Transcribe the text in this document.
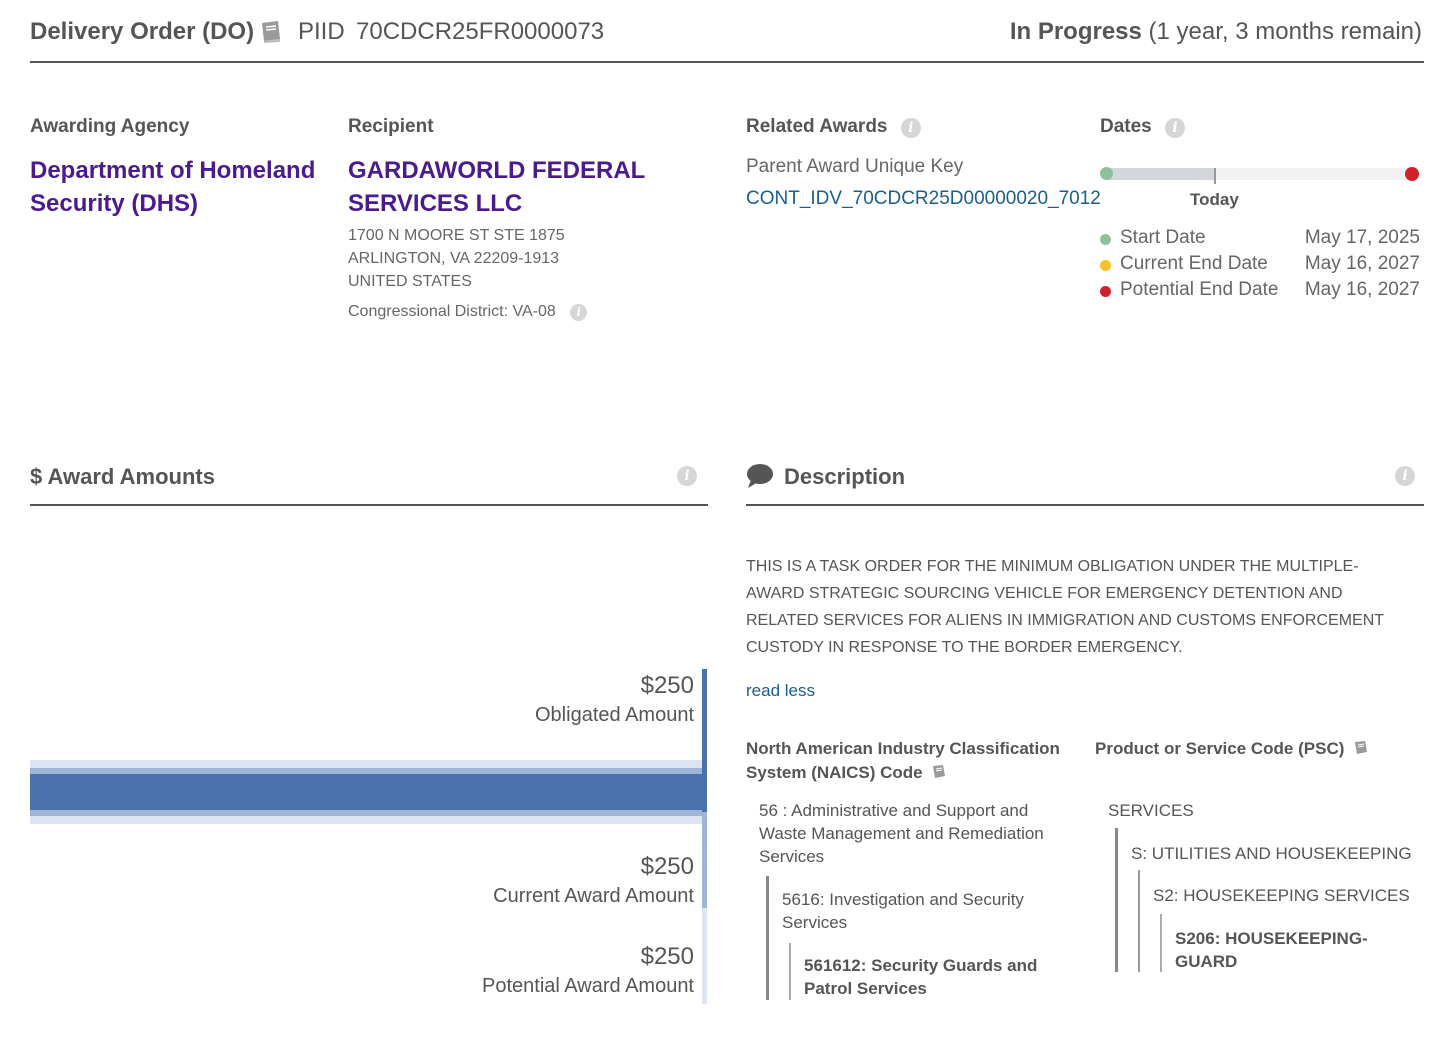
Delivery Order (DO) PIID 70CDCR25FR0000073	In Progress (1 year, 3 months remain)
Awarding Agency
Department of Homeland
Security (DHS)
Recipient
GARDAWORLD FEDERAL
SERVICES LLC
1700 N MOORE ST STE 1875
ARLINGTON, VA 22209-1913
UNITED STATES
Congressional District: VA-08 i
Related Awards i
Parent Award Unique Key
CONT_IDV_70CDCR25D00000020_7012
Dates i
Today
Start Date	May 17, 2025
Current End Date May 16, 2027
Potential End Date May 16, 2027
$ Award Amounts	i
$250
Obligated Amount
$250
Current Award Amount
$250
Potential Award Amount
Description	i
THIS IS A TASK ORDER FOR THE MINIMUM OBLIGATION UNDER THE MULTIPLE-AWARD STRATEGIC SOURCING VEHICLE FOR EMERGENCY DETENTION AND RELATED SERVICES FOR ALIENS IN IMMIGRATION AND CUSTOMS ENFORCEMENT CUSTODY IN RESPONSE TO THE BORDER EMERGENCY.
read less
North American Industry Classification
System (NAICS) Code
56 : Administrative and Support and Waste Management and Remediation Services
5616: Investigation and Security Services
561612: Security Guards and Patrol Services
Product or Service Code (PSC)
SERVICES
S: UTILITIES AND HOUSEKEEPING
S2: HOUSEKEEPING SERVICES
S206: HOUSEKEEPING-GUARD
